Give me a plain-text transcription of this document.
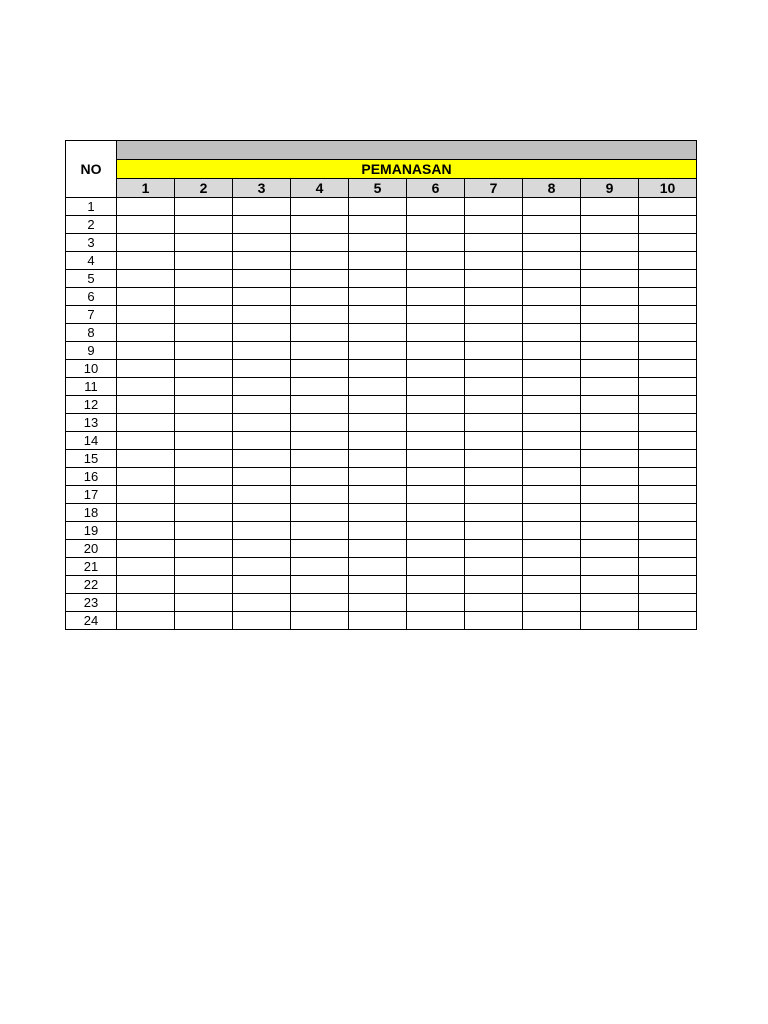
NO										
	PEMANASAN									
	1	2	3	4	5	6	7	8	9	10
1										
2										
3										
4										
5										
6										
7										
8										
9										
10										
11										
12										
13										
14										
15										
16										
17										
18										
19										
20										
21										
22										
23										
24										
